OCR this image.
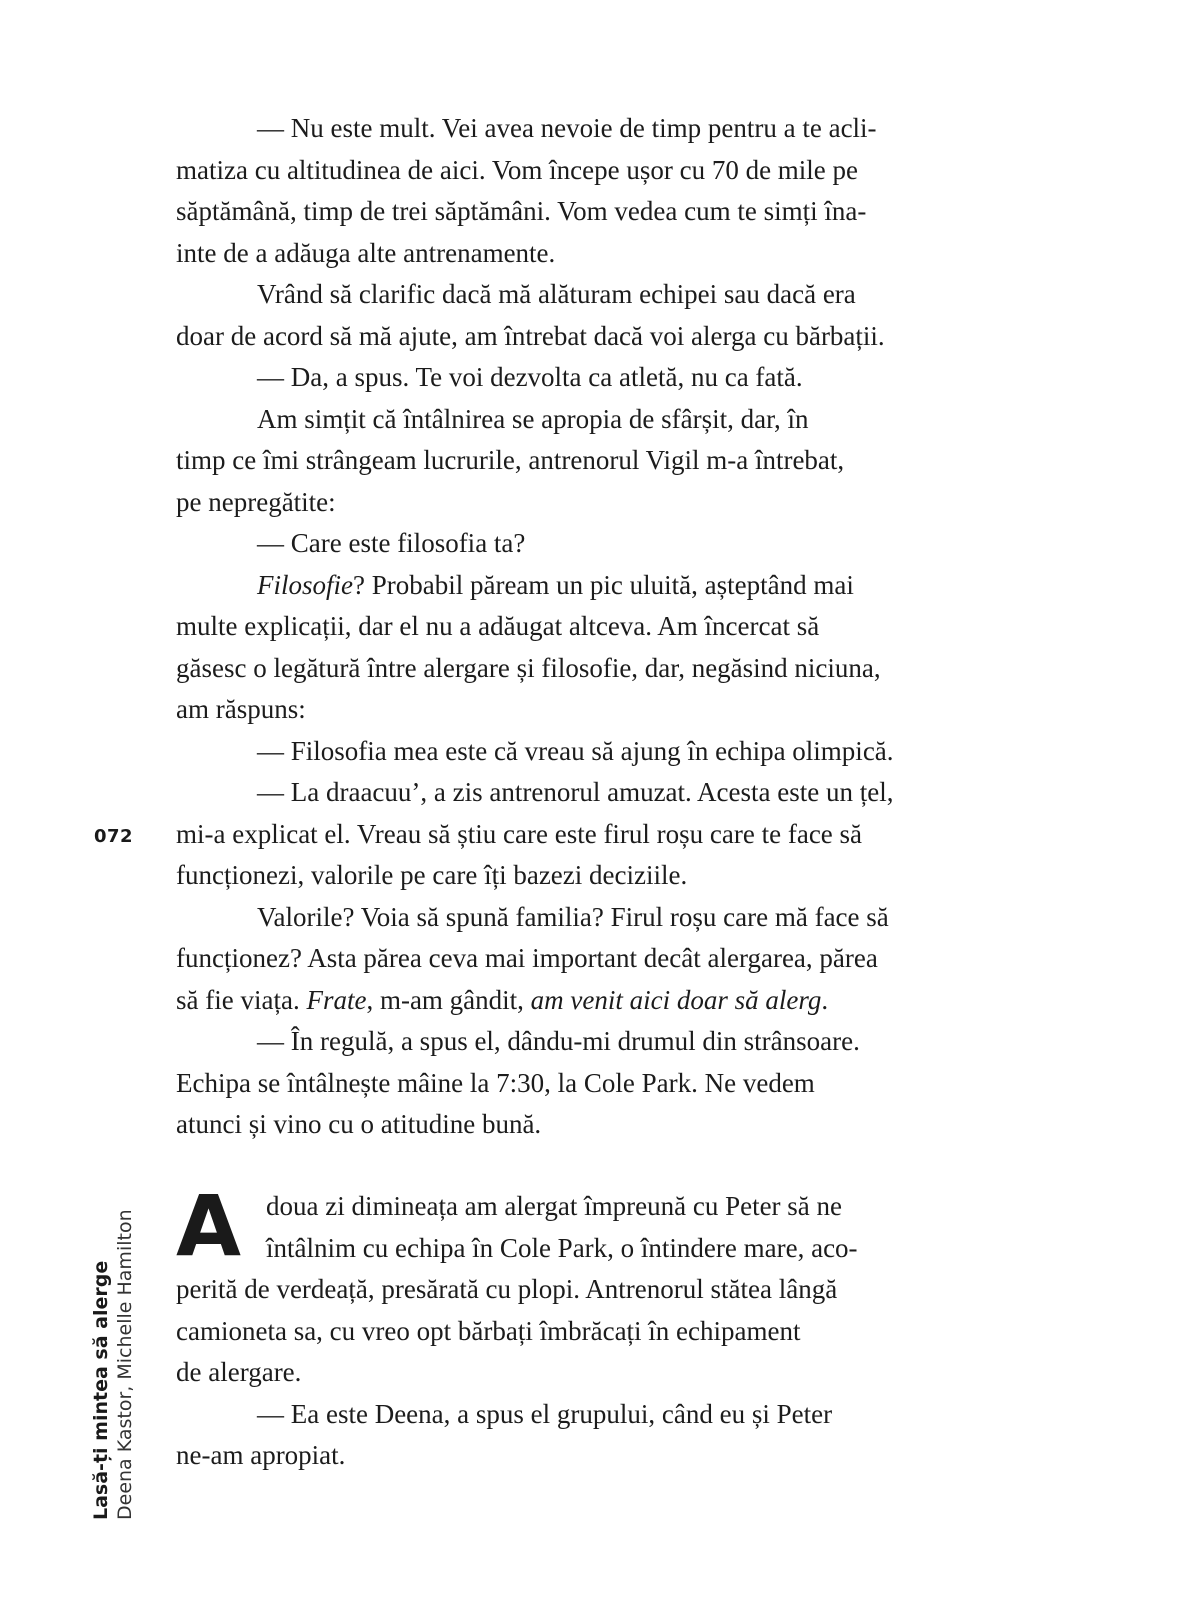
— Nu este mult. Vei avea nevoie de timp pentru a te acli-
matiza cu altitudinea de aici. Vom începe ușor cu 70 de mile pe
săptămână, timp de trei săptămâni. Vom vedea cum te simți îna-
inte de a adăuga alte antrenamente.
Vrând să clarific dacă mă alăturam echipei sau dacă era
doar de acord să mă ajute, am întrebat dacă voi alerga cu bărbații.
— Da, a spus. Te voi dezvolta ca atletă, nu ca fată.
Am simțit că întâlnirea se apropia de sfârșit, dar, în
timp ce îmi strângeam lucrurile, antrenorul Vigil m-a întrebat,
pe nepregătite:
— Care este filosofia ta?
Filosofie? Probabil păream un pic uluită, așteptând mai
multe explicații, dar el nu a adăugat altceva. Am încercat să
găsesc o legătură între alergare și filosofie, dar, negăsind niciuna,
am răspuns:
— Filosofia mea este că vreau să ajung în echipa olimpică.
— La draacuu’, a zis antrenorul amuzat. Acesta este un țel,
mi-a explicat el. Vreau să știu care este firul roșu care te face să
funcționezi, valorile pe care îți bazezi deciziile.
Valorile? Voia să spună familia? Firul roșu care mă face să
funcționez? Asta părea ceva mai important decât alergarea, părea
să fie viața. Frate, m-am gândit, am venit aici doar să alerg.
— În regulă, a spus el, dându-mi drumul din strânsoare.
Echipa se întâlnește mâine la 7:30, la Cole Park. Ne vedem
atunci și vino cu o atitudine bună.
A doua zi dimineața am alergat împreună cu Peter să ne
întâlnim cu echipa în Cole Park, o întindere mare, aco-
perită de verdeață, presărată cu plopi. Antrenorul stătea lângă
camioneta sa, cu vreo opt bărbați îmbrăcați în echipament
de alergare.
— Ea este Deena, a spus el grupului, când eu și Peter
ne-am apropiat.
072
Lasă-ți mintea să alerge Deena Kastor, Michelle Hamilton
